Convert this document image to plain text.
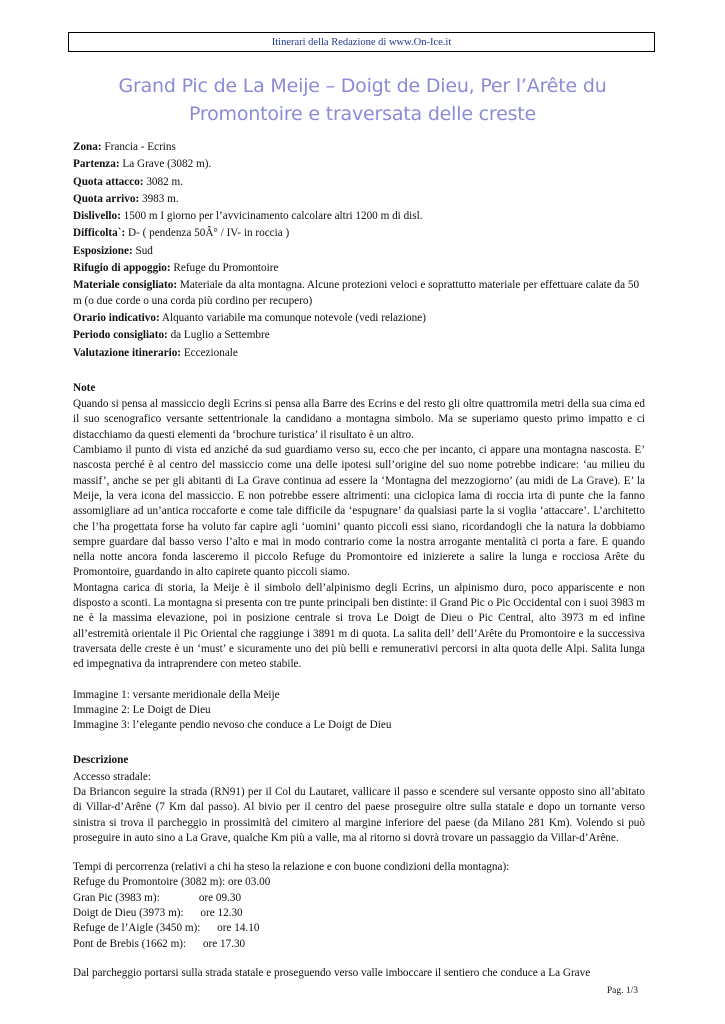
Itinerari della Redazione di www.On-Ice.it
Grand Pic de La Meije – Doigt de Dieu, Per l’Arête du Promontoire e traversata delle creste

Zona: Francia - Ecrins

Partenza: La Grave (3082 m).

Quota attacco: 3082 m.

Quota arrivo: 3983 m.

Dislivello: 1500 m I giorno per l’avvicinamento calcolare altri 1200 m di disl.

Difficolta`: D- ( pendenza 50Â° / IV- in roccia )

Esposizione: Sud

Rifugio di appoggio: Refuge du Promontoire

Materiale consigliato: Materiale da alta montagna. Alcune protezioni veloci e soprattutto materiale per effettuare calate da 50 m (o due corde o una corda più cordino per recupero)

Orario indicativo: Alquanto variabile ma comunque notevole (vedi relazione)

Periodo consigliato: da Luglio a Settembre

Valutazione itinerario: Eccezionale

Note

Quando si pensa al massiccio degli Ecrins si pensa alla Barre des Ecrins e del resto gli oltre quattromila metri della sua cima ed il suo scenografico versante settentrionale la candidano a montagna simbolo. Ma se superiamo questo primo impatto e ci distacchiamo da questi elementi da ‘brochure turistica’ il risultato è un altro.

Cambiamo il punto di vista ed anziché da sud guardiamo verso su, ecco che per incanto, ci appare una montagna nascosta. E’ nascosta perché è al centro del massiccio come una delle ipotesi sull’origine del suo nome potrebbe indicare: ‘au milieu du massif’, anche se per gli abitanti di La Grave continua ad essere la ‘Montagna del mezzogiorno’ (au midi de La Grave). E’ la Meije, la vera icona del massiccio. E non potrebbe essere altrimenti: una ciclopica lama di roccia irta di punte che la fanno assomigliare ad un’antica roccaforte e come tale difficile da ‘espugnare’ da qualsiasi parte la si voglia ‘attaccare’. L’architetto che l’ha progettata forse ha voluto far capire agli ‘uomini’ quanto piccoli essi siano, ricordandogli che la natura la dobbiamo sempre guardare dal basso verso l’alto e mai in modo contrario come la nostra arrogante mentalità ci porta a fare. E quando nella notte ancora fonda lasceremo il piccolo Refuge du Promontoire ed inizierete a salire la lunga e rocciosa Arête du Promontoire, guardando in alto capirete quanto piccoli siamo.

Montagna carica di storia, la Meije è il simbolo dell’alpinismo degli Ecrins, un alpinismo duro, poco appariscente e non disposto a sconti. La montagna si presenta con tre punte principali ben distinte: il Grand Pic o Pic Occidental con i suoi 3983 m ne è la massima elevazione, poi in posizione centrale si trova Le Doigt de Dieu o Pic Central, alto 3973 m ed infine all’estremità orientale il Pic Oriental che raggiunge i 3891 m di quota. La salita dell’ dell’Arête du Promontoire e la successiva traversata delle creste è un ‘must’ e sicuramente uno dei più belli e remunerativi percorsi in alta quota delle Alpi. Salita lunga ed impegnativa da intraprendere con meteo stabile.

Immagine 1: versante meridionale della Meije

Immagine 2: Le Doigt de Dieu

Immagine 3: l’elegante pendio nevoso che conduce a Le Doigt de Dieu

Descrizione

Accesso stradale:

Da Briancon seguire la strada (RN91) per il Col du Lautaret, vallicare il passo e scendere sul versante opposto sino all’abitato di Villar-d’Arêne (7 Km dal passo). Al bivio per il centro del paese proseguire oltre sulla statale e dopo un tornante verso sinistra si trova il parcheggio in prossimità del cimitero al margine inferiore del paese (da Milano 281 Km). Volendo si può proseguire in auto sino a La Grave, qualche Km più a valle, ma al ritorno si dovrà trovare un passaggio da Villar-d’Arêne.

Tempi di percorrenza (relativi a chi ha steso la relazione e con buone condizioni della montagna):

Refuge du Promontoire (3082 m): ore 03.00

Gran Pic (3983 m):              ore 09.30

Doigt de Dieu (3973 m):      ore 12.30

Refuge de l’Aigle (3450 m):      ore 14.10

Pont de Brebis (1662 m):      ore 17.30

Dal parcheggio portarsi sulla strada statale e proseguendo verso valle imboccare il sentiero che conduce a La Grave

Pag. 1/3
